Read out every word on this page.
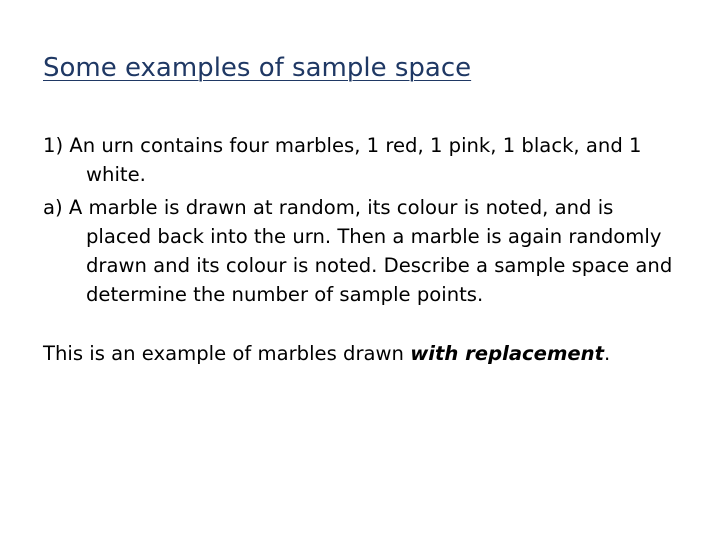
Some examples of sample space

1) An urn contains four marbles, 1 red, 1 pink, 1 black, and 1 white.

a) A marble is drawn at random, its colour is noted, and is placed back into the urn. Then a marble is again randomly drawn and its colour is noted. Describe a sample space and determine the number of sample points.

This is an example of marbles drawn with replacement.
